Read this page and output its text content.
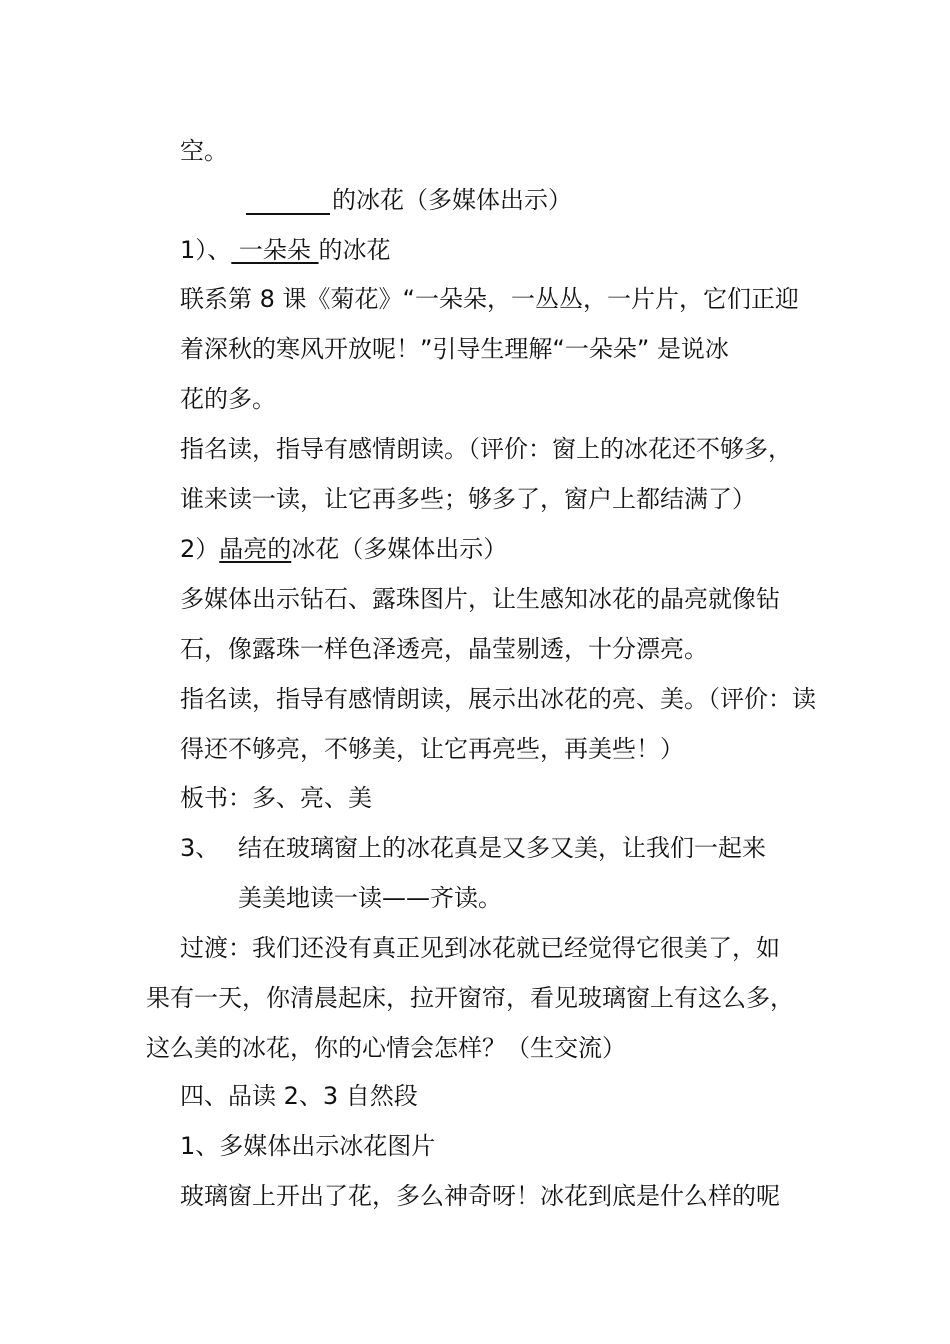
空。

的冰花（多媒体出示）

1）、 一朵朵 的冰花

联系第 8 课《菊花》“一朵朵，一丛丛，一片片，它们正迎

着深秋的寒风开放呢！”引导生理解“一朵朵” 是说冰

花的多。

指名读，指导有感情朗读。（评价：窗上的冰花还不够多，

谁来读一读，让它再多些；够多了，窗户上都结满了）

2）晶亮的冰花（多媒体出示）

多媒体出示钻石、露珠图片，让生感知冰花的晶亮就像钻

石，像露珠一样色泽透亮，晶莹剔透，十分漂亮。

指名读，指导有感情朗读，展示出冰花的亮、美。（评价：读

得还不够亮，不够美，让它再亮些，再美些！）

板书：多、亮、美

3、 结在玻璃窗上的冰花真是又多又美，让我们一起来

美美地读一读——齐读。

过渡：我们还没有真正见到冰花就已经觉得它很美了，如

果有一天，你清晨起床，拉开窗帘，看见玻璃窗上有这么多，

这么美的冰花，你的心情会怎样？（生交流）

四、品读 2、3 自然段

1、多媒体出示冰花图片

玻璃窗上开出了花，多么神奇呀！冰花到底是什么样的呢
